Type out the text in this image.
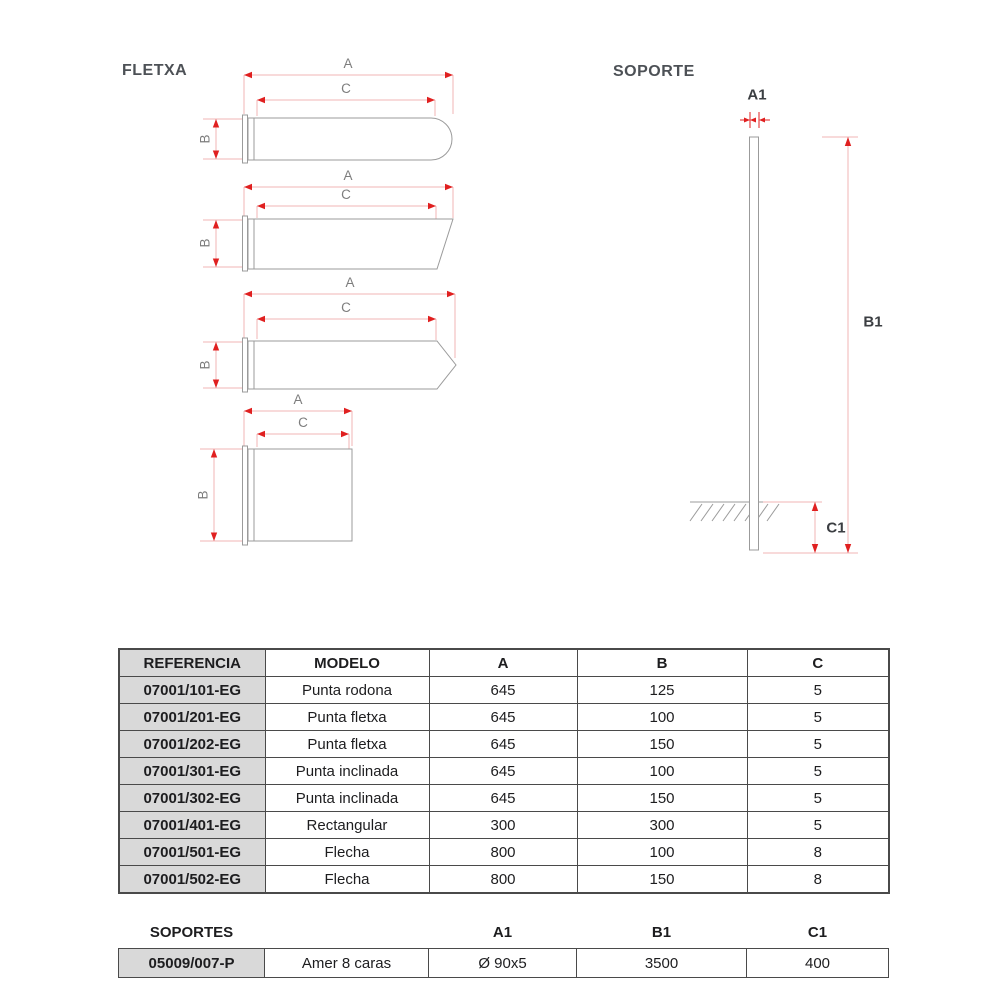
FLETXA	SOPORTE
A
C
B
A
C
B
A
C
B
A
C
B
A1
B1
C1
REFERENCIA	MODELO	A	B	C
07001/101-EG	Punta rodona	645	125	5
07001/201-EG	Punta fletxa	645	100	5
07001/202-EG	Punta fletxa	645	150	5
07001/301-EG	Punta inclinada	645	100	5
07001/302-EG	Punta inclinada	645	150	5
07001/401-EG	Rectangular	300	300	5
07001/501-EG	Flecha	800	100	8
07001/502-EG	Flecha	800	150	8
SOPORTES		A1	B1	C1
05009/007-P	Amer 8 caras	Ø 90x5	3500	400
